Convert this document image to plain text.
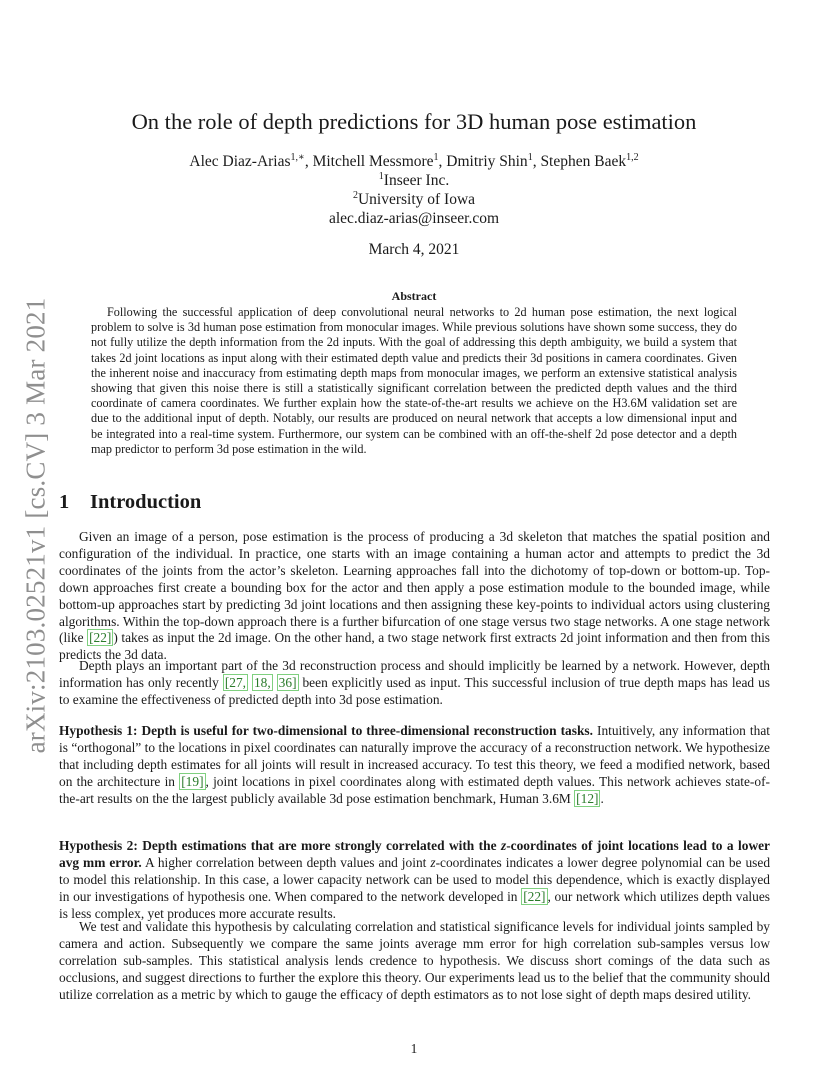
arXiv:2103.02521v1 [cs.CV] 3 Mar 2021
On the role of depth predictions for 3D human pose estimation
Alec Diaz-Arias$^{1,∗}$, Mitchell Messmore$^1$, Dmitriy Shin$^1$, Stephen Baek$^{1,2}$
$^1$Inseer Inc.
$^2$University of Iowa
alec.diaz-arias@inseer.com
March 4, 2021
Abstract

Following the successful application of deep convolutional neural networks to 2d human pose estimation, the next logical problem to solve is 3d human pose estimation from monocular images. While previous solutions have shown some success, they do not fully utilize the depth information from the 2d inputs. With the goal of addressing this depth ambiguity, we build a system that takes 2d joint locations as input along with their estimated depth value and predicts their 3d positions in camera coordinates. Given the inherent noise and inaccuracy from estimating depth maps from monocular images, we perform an extensive statistical analysis showing that given this noise there is still a statistically significant correlation between the predicted depth values and the third coordinate of camera coordinates. We further explain how the state-of-the-art results we achieve on the H3.6M validation set are due to the additional input of depth. Notably, our results are produced on neural network that accepts a low dimensional input and be integrated into a real-time system. Furthermore, our system can be combined with an off-the-shelf 2d pose detector and a depth map predictor to perform 3d pose estimation in the wild.

1 Introduction

Given an image of a person, pose estimation is the process of producing a 3d skeleton that matches the spatial position and configuration of the individual. In practice, one starts with an image containing a human actor and attempts to predict the 3d coordinates of the joints from the actor’s skeleton. Learning approaches fall into the dichotomy of top-down or bottom-up. Top-down approaches first create a bounding box for the actor and then apply a pose estimation module to the bounded image, while bottom-up approaches start by predicting 3d joint locations and then assigning these key-points to individual actors using clustering algorithms. Within the top-down approach there is a further bifurcation of one stage versus two stage networks. A one stage network (like [22] ) takes as input the 2d image. On the other hand, a two stage network first extracts 2d joint information and then from this predicts the 3d data.

Depth plays an important part of the 3d reconstruction process and should implicitly be learned by a network. However, depth information has only recently [27, 18, 36] been explicitly used as input. This successful inclusion of true depth maps has lead us to examine the effectiveness of predicted depth into 3d pose estimation.

Hypothesis 1: Depth is useful for two-dimensional to three-dimensional reconstruction tasks. Intuitively, any information that is “orthogonal” to the locations in pixel coordinates can naturally improve the accuracy of a reconstruction network. We hypothesize that including depth estimates for all joints will result in increased accuracy. To test this theory, we feed a modified network, based on the architecture in [19] , joint locations in pixel coordinates along with estimated depth values. This network achieves state-of-the-art results on the the largest publicly available 3d pose estimation benchmark, Human 3.6M [12] .

Hypothesis 2: Depth estimations that are more strongly correlated with the z-coordinates of joint locations lead to a lower avg mm error. A higher correlation between depth values and joint z-coordinates indicates a lower degree polynomial can be used to model this relationship. In this case, a lower capacity network can be used to model this dependence, which is exactly displayed in our investigations of hypothesis one. When compared to the network developed in [22] , our network which utilizes depth values is less complex, yet produces more accurate results.

We test and validate this hypothesis by calculating correlation and statistical significance levels for individual joints sampled by camera and action. Subsequently we compare the same joints average mm error for high correlation sub-samples versus low correlation sub-samples. This statistical analysis lends credence to hypothesis. We discuss short comings of the data such as occlusions, and suggest directions to further the explore this theory. Our experiments lead us to the belief that the community should utilize correlation as a metric by which to gauge the efficacy of depth estimators as to not lose sight of depth maps desired utility.

1
